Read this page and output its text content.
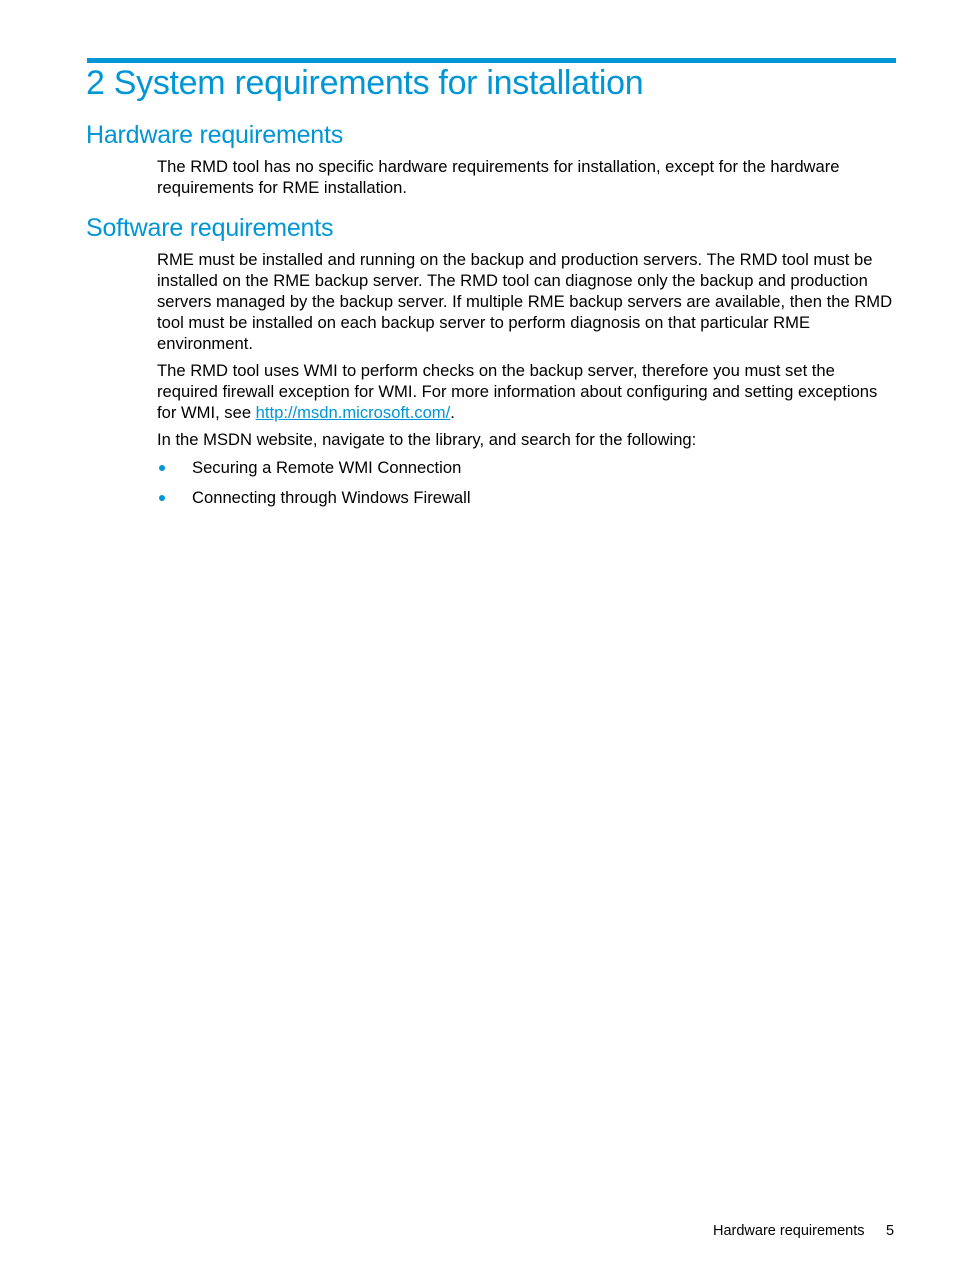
2 System requirements for installation
Hardware requirements

The RMD tool has no specific hardware requirements for installation, except for the hardware requirements for RME installation.

Software requirements

RME must be installed and running on the backup and production servers. The RMD tool must be installed on the RME backup server. The RMD tool can diagnose only the backup and production servers managed by the backup server. If multiple RME backup servers are available, then the RMD tool must be installed on each backup server to perform diagnosis on that particular RME environment.

The RMD tool uses WMI to perform checks on the backup server, therefore you must set the required firewall exception for WMI. For more information about configuring and setting exceptions for WMI, see http://msdn.microsoft.com/.

In the MSDN website, navigate to the library, and search for the following:

Securing a Remote WMI Connection
Connecting through Windows Firewall
Hardware requirements 5
